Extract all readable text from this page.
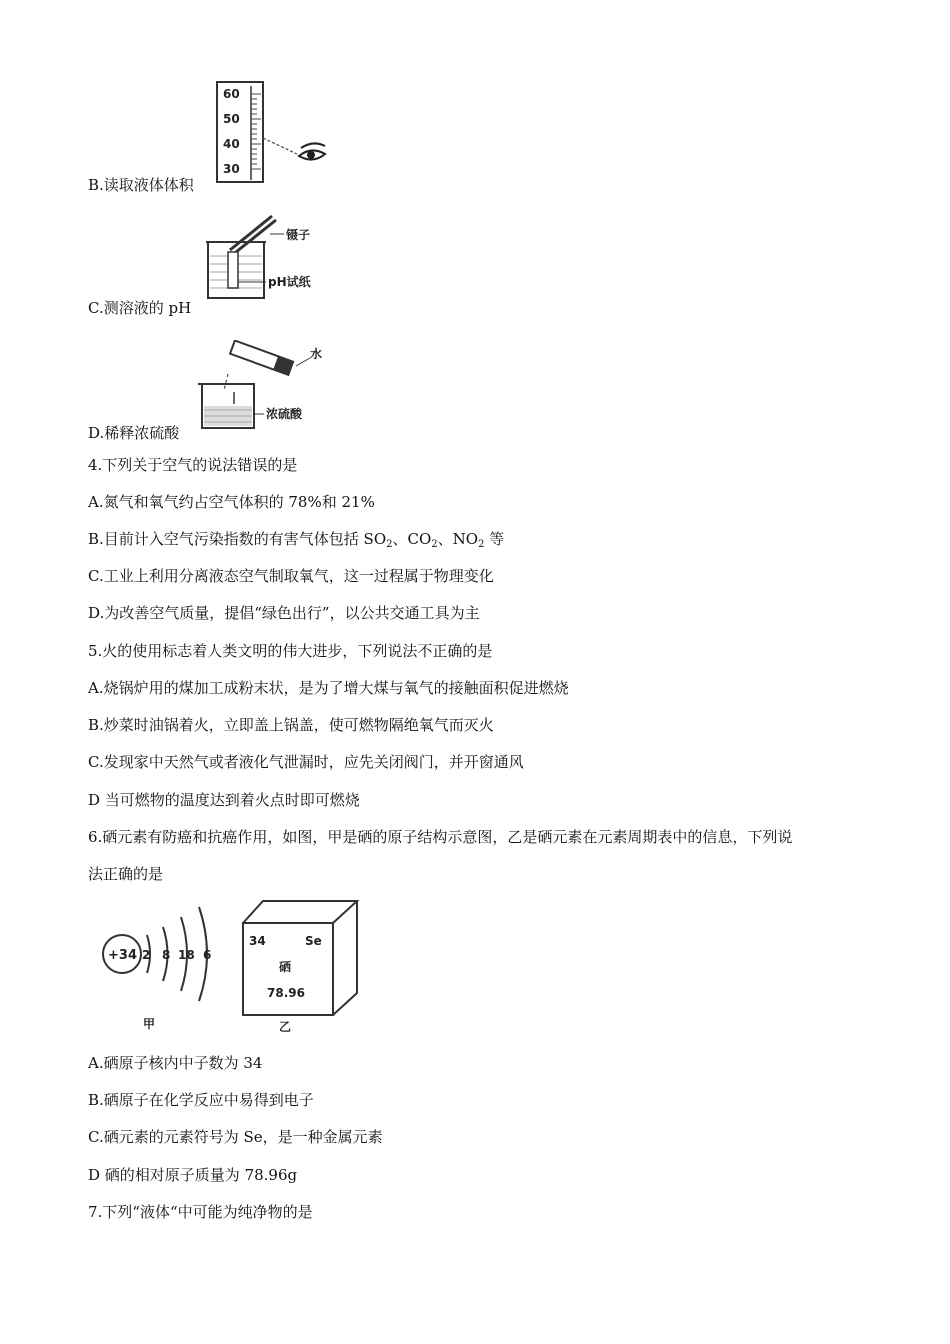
60
50
40
30
镊子
pH试纸
水
浓硫酸
B.读取液体体积
C.测溶液的 pH
D.稀释浓硫酸
4.下列关于空气的说法错误的是
A.氮气和氧气约占空气体积的 78%和 21%
B.目前计入空气污染指数的有害气体包括 $SO_2$、$CO_2$、$NO_2$ 等
C.工业上利用分离液态空气制取氧气，这一过程属于物理变化
D.为改善空气质量，提倡“绿色出行”，以公共交通工具为主
5.火的使用标志着人类文明的伟大进步，下列说法不正确的是
A.烧锅炉用的煤加工成粉末状，是为了增大煤与氧气的接触面积促进燃烧
B.炒菜时油锅着火，立即盖上锅盖，使可燃物隔绝氧气而灭火
C.发现家中天然气或者液化气泄漏时，应先关闭阀门，并开窗通风
D 当可燃物的温度达到着火点时即可燃烧
6.硒元素有防癌和抗癌作用，如图，甲是硒的原子结构示意图，乙是硒元素在元素周期表中的信息，下列说
法正确的是
+34 2 8 18 6
甲
34	Se
硒
78.96
乙
A.硒原子核内中子数为 34
B.硒原子在化学反应中易得到电子
C.硒元素的元素符号为 Se，是一种金属元素
D 硒的相对原子质量为 78.96g
7.下列“液体“中可能为纯净物的是
